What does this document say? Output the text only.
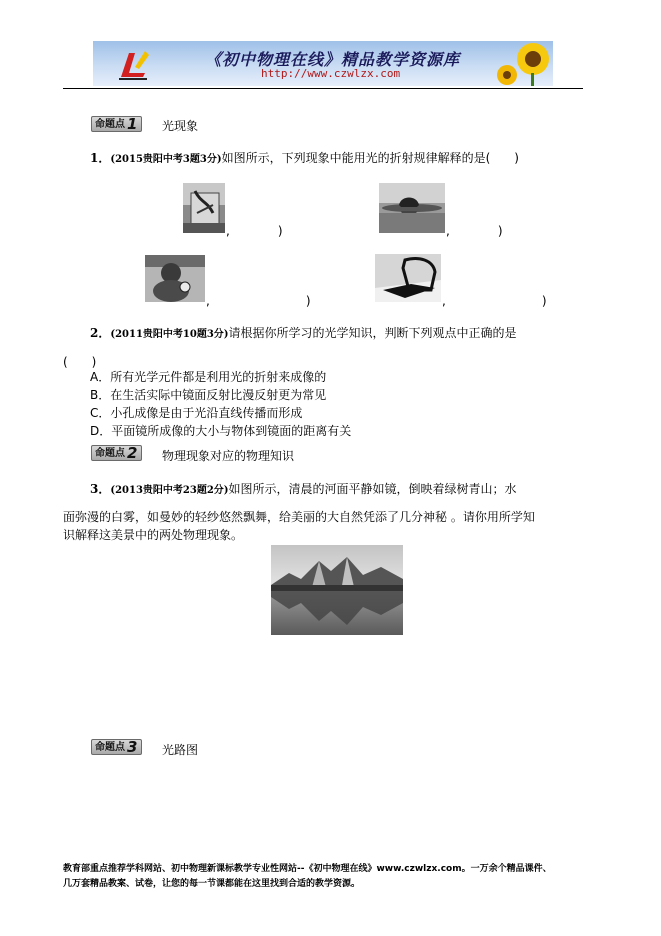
《初中物理在线》精品教学资源库
http://www.czwlzx.com
命题点 1	光现象
1．(2015贵阳中考3题3分)如图所示，下列现象中能用光的折射规律解释的是(　　)
,　　　　)	,　　　　)
,　　　　　　　　)	,　　　　　　　　)
2．(2011贵阳中考10题3分)请根据你所学习的光学知识，判断下列观点中正确的是
(　　)
A．所有光学元件都是利用光的折射来成像的
B．在生活实际中镜面反射比漫反射更为常见
C．小孔成像是由于光沿直线传播而形成
D．平面镜所成像的大小与物体到镜面的距离有关
命题点 2	物理现象对应的物理知识
3．(2013贵阳中考23题2分)如图所示，清晨的河面平静如镜，倒映着绿树青山；水
面弥漫的白雾，如曼妙的轻纱悠然飘舞，给美丽的大自然凭添了几分神秘 。请你用所学知
识解释这美景中的两处物理现象。
命题点 3	光路图
教育部重点推荐学科网站、初中物理新课标教学专业性网站--《初中物理在线》www.czwlzx.com。一万余个精品课件、
几万套精品教案、试卷，让您的每一节课都能在这里找到合适的教学资源。
